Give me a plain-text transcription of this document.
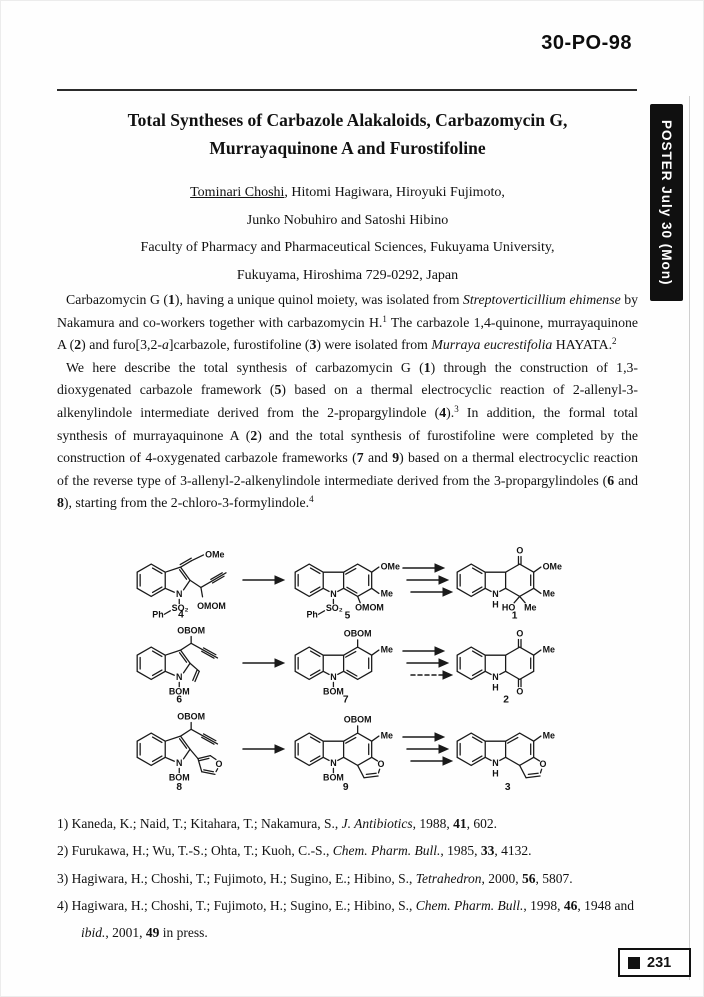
30-PO-98
POSTER July 30 (Mon)
Total Syntheses of Carbazole Alakaloids, Carbazomycin G,
Murrayaquinone A and Furostifoline
Tominari Choshi, Hitomi Hagiwara, Hiroyuki Fujimoto,
Junko Nobuhiro and Satoshi Hibino
Faculty of Pharmacy and Pharmaceutical Sciences, Fukuyama University,
Fukuyama, Hiroshima 729-0292, Japan

Carbazomycin G (1), having a unique quinol moiety, was isolated from Streptoverticillium ehimense by Nakamura and co-workers together with carbazomycin H.$^1$ The carbazole 1,4-quinone, murrayaquinone A (2) and furo[3,2-a]carbazole, furostifoline (3) were isolated from Murraya eucrestifolia HAYATA.$^2$

We here describe the total synthesis of carbazomycin G (1) through the construction of 1,3-dioxygenated carbazole framework (5) based on a thermal electrocyclic reaction of 2-allenyl-3-alkenylindole intermediate derived from the 2-propargylindole (4).$^3$ In addition, the formal total synthesis of murrayaquinone A (2) and the total synthesis of furostifoline were completed by the construction of 4-oxygenated carbazole frameworks (7 and 9) based on a thermal electrocyclic reaction of the reverse type of 3-allenyl-2-alkenylindole intermediate derived from the 3-propargylindoles (6 and 8), starting from the 2-chloro-3-formylindole.$^4$

OMe
OMOM
4
OMe
Me
OMOM
5
OMe
Me
HO Me
1
6
Me
7
Me
O
2
O
8
Me
9
Me
3
1) Kaneda, K.; Naid, T.; Kitahara, T.; Nakamura, S., J. Antibiotics, 1988, 41, 602.
2) Furukawa, H.; Wu, T.-S.; Ohta, T.; Kuoh, C.-S., Chem. Pharm. Bull., 1985, 33, 4132.
3) Hagiwara, H.; Choshi, T.; Fujimoto, H.; Sugino, E.; Hibino, S., Tetrahedron, 2000, 56, 5807.
4) Hagiwara, H.; Choshi, T.; Fujimoto, H.; Sugino, E.; Hibino, S., Chem. Pharm. Bull., 1998, 46, 1948 and ibid., 2001, 49 in press.
231
